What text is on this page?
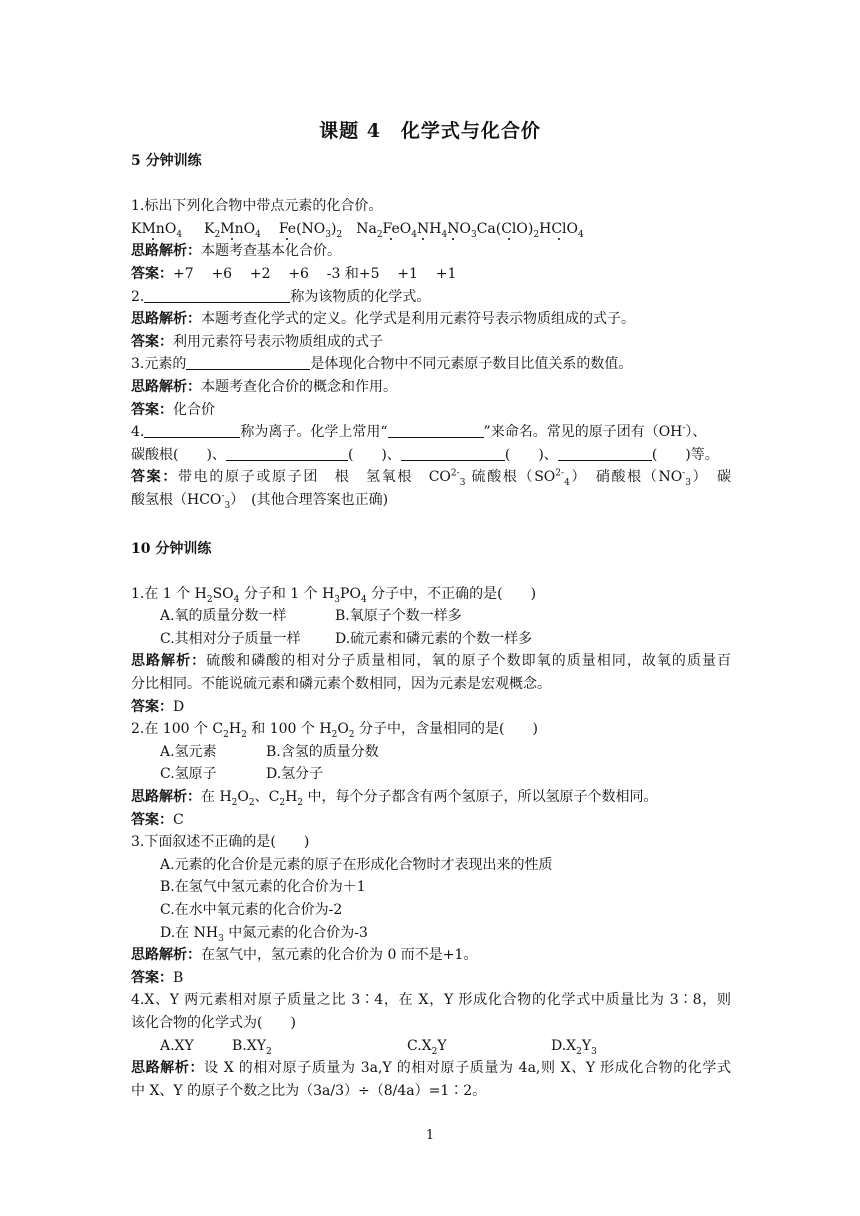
课题 4　化学式与化合价
5 分钟训练
1.标出下列化合物中带点元素的化合价。
KMnO$_4$ $K_2MnO_4$ $Fe(NO_3)_2$ $Na_2FeO_4NH_4NO_3Ca(ClO)_2HClO_4$
思路解析：本题考查基本化合价。
答案：+7    +6    +2    +6    -3 和+5    +1    +1
2.	称为该物质的化学式。
思路解析：本题考查化学式的定义。化学式是利用元素符号表示物质组成的式子。
答案：利用元素符号表示物质组成的式子
3.元素的	是体现化合物中不同元素原子数目比值关系的数值。
思路解析：本题考查化合价的概念和作用。
答案：化合价
4.	称为离子。化学上常用“	”来命名。常见的原子团有（OH-）、
碳酸根(　　)、	(　　)、	(　　)、	(　　)等。
答案：带电的原子或原子团　根　氢氧根　$CO^{2-}_3$ 硫酸根$(SO^{2-}_4)$　硝酸根$(NO^-_3)$　碳
酸氢根$(HCO^-_3)$　(其他合理答案也正确)
10 分钟训练
1.在 1 个 $H_2SO_4$ 分子和 1 个 $H_3PO_4$ 分子中，不正确的是(　　)
A.氧的质量分数一样	B.氧原子个数一样多
C.其相对分子质量一样 D.硫元素和磷元素的个数一样多
思路解析：硫酸和磷酸的相对分子质量相同，氧的原子个数即氧的质量相同，故氧的质量百
分比相同。不能说硫元素和磷元素个数相同，因为元素是宏观概念。
答案：D
2.在 100 个 $C_2H_2$ 和 100 个 $H_2O_2$ 分子中，含量相同的是(　　)
A.氢元素	B.含氢的质量分数
C.氢原子	D.氢分子
思路解析：在 $H_2O_2$、$C_2H_2$ 中，每个分子都含有两个氢原子，所以氢原子个数相同。
答案：C
3.下面叙述不正确的是(　　)
A.元素的化合价是元素的原子在形成化合物时才表现出来的性质
B.在氢气中氢元素的化合价为＋1
C.在水中氧元素的化合价为-2
D.在 $NH_3$ 中氮元素的化合价为-3
思路解析：在氢气中，氢元素的化合价为 0 而不是+1。
答案：B
4.X、Y 两元素相对原子质量之比 3∶4，在 X，Y 形成化合物的化学式中质量比为 3∶8，则
该化合物的化学式为(　　)
A.XY	$B.XY_2$	$C.X_2Y$	$D.X_2Y_3$
思路解析：设 X 的相对原子质量为 3a,Y 的相对原子质量为 4a,则 X、Y 形成化合物的化学式
中 X、Y 的原子个数之比为（3a/3）÷（8/4a）=1∶2。
1
